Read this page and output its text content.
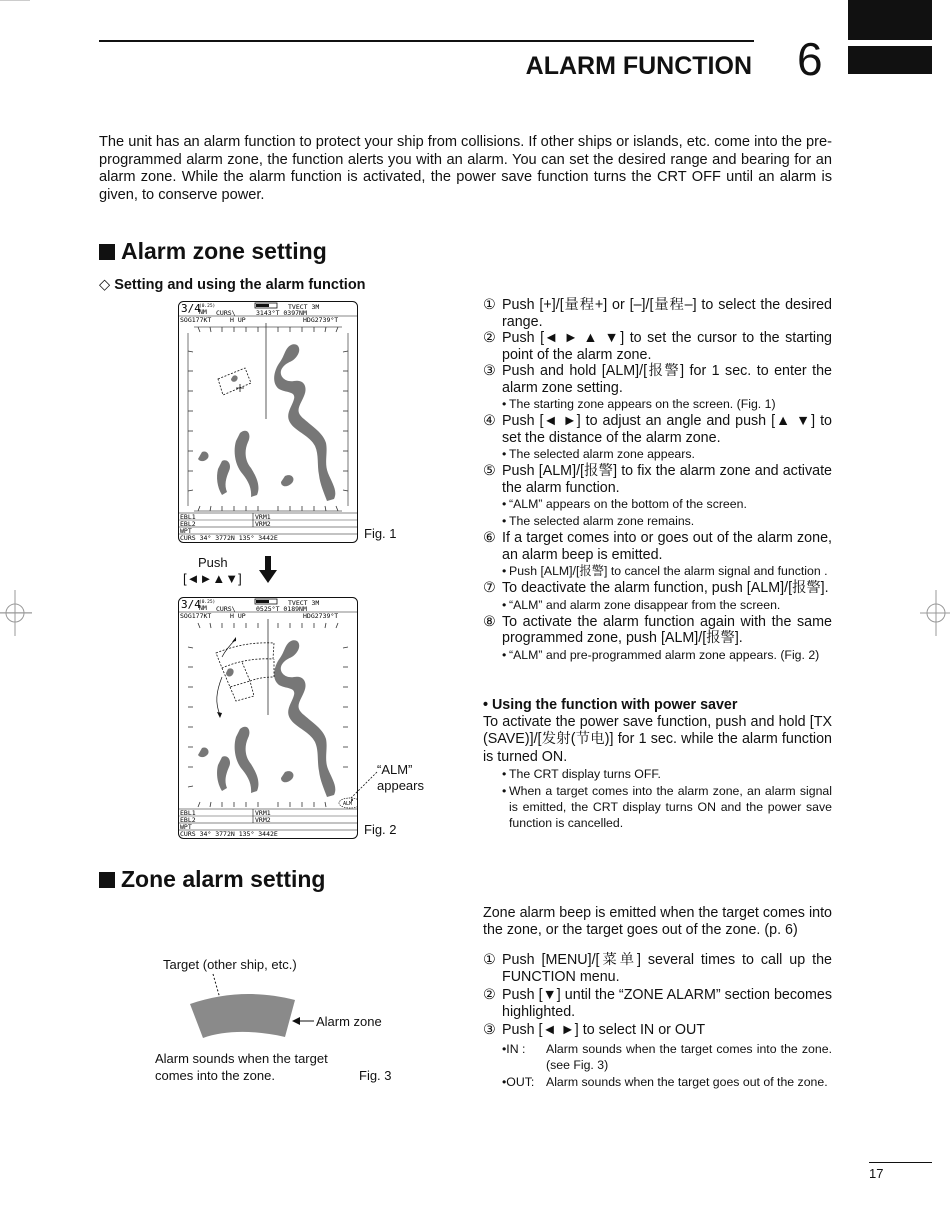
ALARM FUNCTION 6
The unit has an alarm function to protect your ship from collisions. If other ships or islands, etc. come into the pre-programmed alarm zone, the function alerts you with an alarm. You can set the desired range and bearing for an alarm zone. While the alarm function is activated, the power save function turns the CRT OFF until an alarm is given, to conserve power.
Alarm zone setting
◇ Setting and using the alarm function
3/4
(0.25)
NM
TVECT 3M
CURS\	3143°T 0397NM
SOG177KT	H UP	HDG2739°T
EBL1
EBL2
VRM1
VRM2
WPT
CURS 34° 3772N 135° 3442E	Fig. 1
Push
[◄►▲▼]
3/4
(0.25)
NM
TVECT 3M
CURS\	0525°T 0189NM
SOG177KT	H UP	HDG2739°T
ALM
EBL1
EBL2
VRM1
VRM2
WPT
CURS 34° 3772N 135° 3442E
“ALM”
appears
Fig. 2
① Push [+]/[量程+] or [–]/[量程–] to select the desired range.
② Push [◄ ► ▲ ▼] to set the cursor to the starting point of the alarm zone.
③ Push and hold [ALM]/[报警] for 1 sec. to enter the alarm zone setting.
• The starting zone appears on the screen. (Fig. 1)
④ Push [◄ ►] to adjust an angle and push [▲ ▼] to set the distance of the alarm zone.
• The selected alarm zone appears.
⑤ Push [ALM]/[报警] to fix the alarm zone and activate the alarm function.
• “ALM” appears on the bottom of the screen.
• The selected alarm zone remains.
⑥ If a target comes into or goes out of the alarm zone, an alarm beep is emitted.
• Push [ALM]/[报警] to cancel the alarm signal and function .
⑦ To deactivate the alarm function, push [ALM]/[报警].
• “ALM” and alarm zone disappear from the screen.
⑧ To activate the alarm function again with the same programmed zone, push [ALM]/[报警].
• “ALM” and pre-programmed alarm zone appears. (Fig. 2)
• Using the function with power saver
To activate the power save function, push and hold [TX (SAVE)]/[发射(节电)] for 1 sec. while the alarm function is turned ON.
• The CRT display turns OFF.
• When a target comes into the alarm zone, an alarm signal is emitted, the CRT display turns ON and the power save function is cancelled.
Zone alarm setting
Zone alarm beep is emitted when the target comes into the zone, or the target goes out of the zone. (p. 6)
① Push [MENU]/[菜单] several times to call up the FUNCTION menu.
② Push [▼] until the “ZONE ALARM” section becomes highlighted.
③ Push [◄ ►] to select IN or OUT
•IN :	Alarm sounds when the target comes into the zone. (see Fig. 3)
•OUT: Alarm sounds when the target goes out of the zone.
Target (other ship, etc.)
Alarm zone
Alarm sounds when the target
comes into the zone.	Fig. 3
17
